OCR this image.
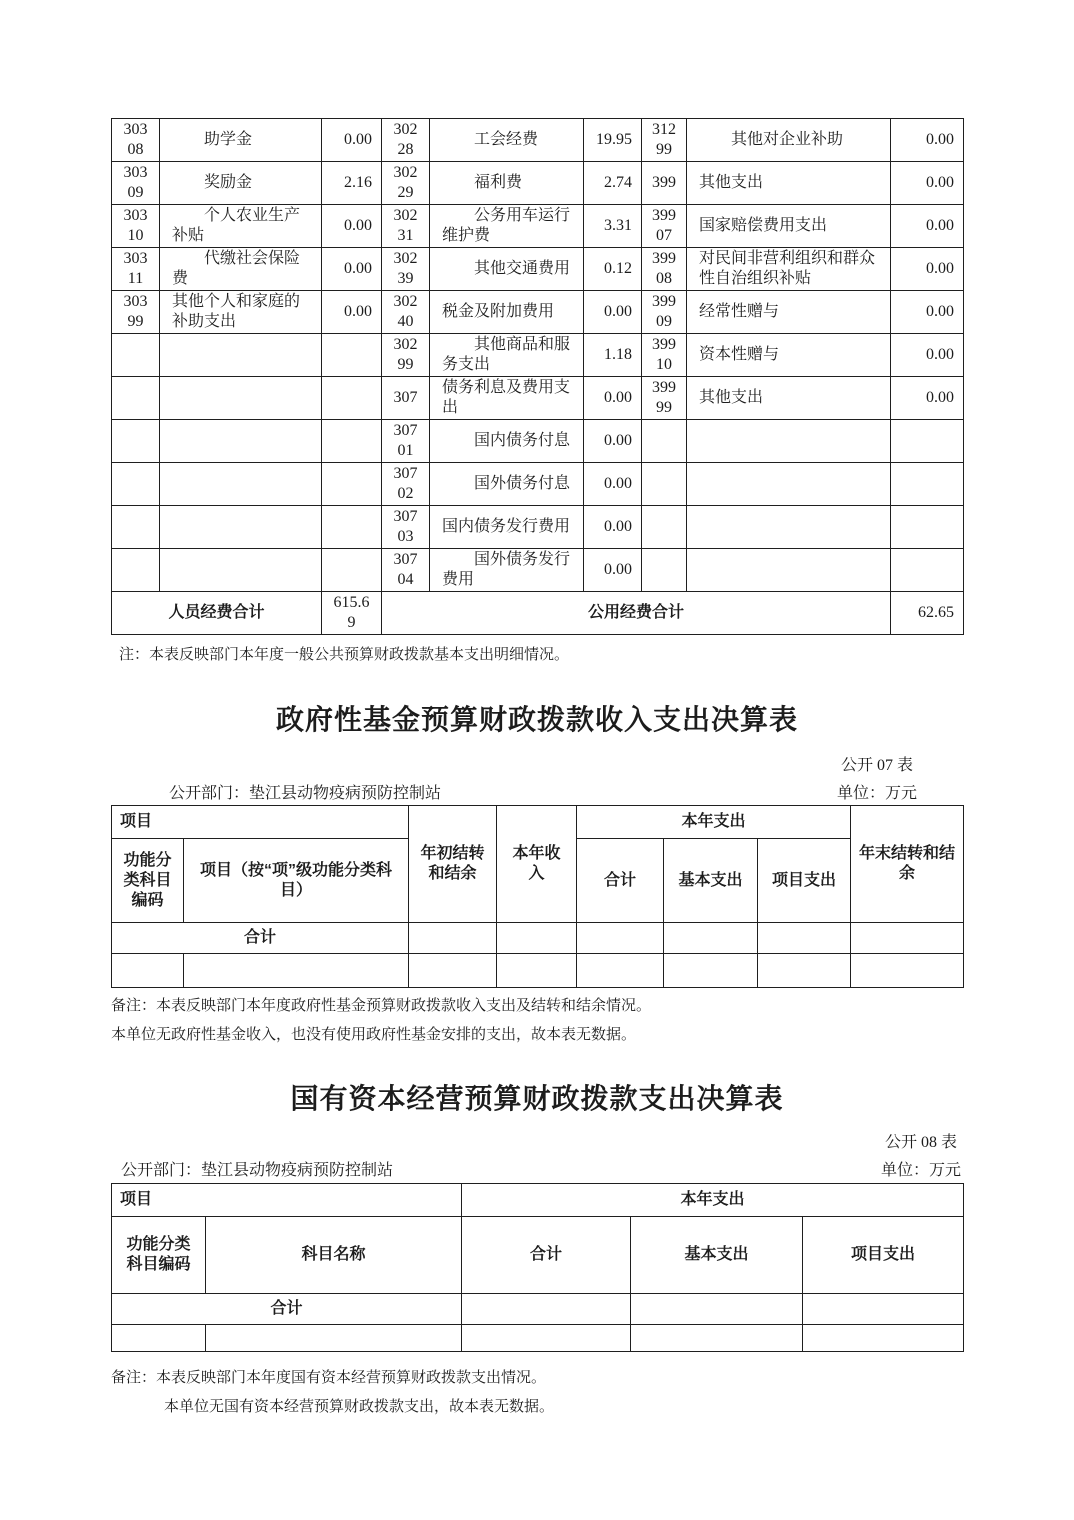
30308	助学金	0.00	30228	工会经费	19.95	31299	其他对企业补助	0.00
30309	奖励金	2.16	30229	福利费	2.74	399	其他支出	0.00
30310	个人农业生产补贴	0.00	30231	公务用车运行维护费	3.31	39907	国家赔偿费用支出	0.00
30311	代缴社会保险费	0.00	30239	其他交通费用	0.12	39908	对民间非营利组织和群众性自治组织补贴	0.00
30399	其他个人和家庭的补助支出	0.00	30240	税金及附加费用	0.00	39909	经常性赠与	0.00
			30299	其他商品和服务支出	1.18	39910	资本性赠与	0.00
			307	债务利息及费用支出	0.00	39999	其他支出	0.00
			30701	国内债务付息	0.00			
			30702	国外债务付息	0.00			
			30703	国内债务发行费用	0.00			
			30704	国外债务发行费用	0.00			
人员经费合计		615.69	公用经费合计					62.65
注：本表反映部门本年度一般公共预算财政拨款基本支出明细情况。
政府性基金预算财政拨款收入支出决算表
公开 07 表
公开部门：垫江县动物疫病预防控制站	单位：万元
项目		年初结转和结余	本年收入	本年支出			年末结转和结余
功能分类科目编码	项目（按“项”级功能分类科目）			合计	基本支出	项目支出	
合计							

备注：本表反映部门本年度政府性基金预算财政拨款收入支出及结转和结余情况。
本单位无政府性基金收入，也没有使用政府性基金安排的支出，故本表无数据。
国有资本经营预算财政拨款支出决算表
公开 08 表
公开部门：垫江县动物疫病预防控制站	单位：万元
项目		本年支出		
功能分类科目编码	科目名称	合计	基本支出	项目支出
合计				

备注：本表反映部门本年度国有资本经营预算财政拨款支出情况。
本单位无国有资本经营预算财政拨款支出，故本表无数据。
